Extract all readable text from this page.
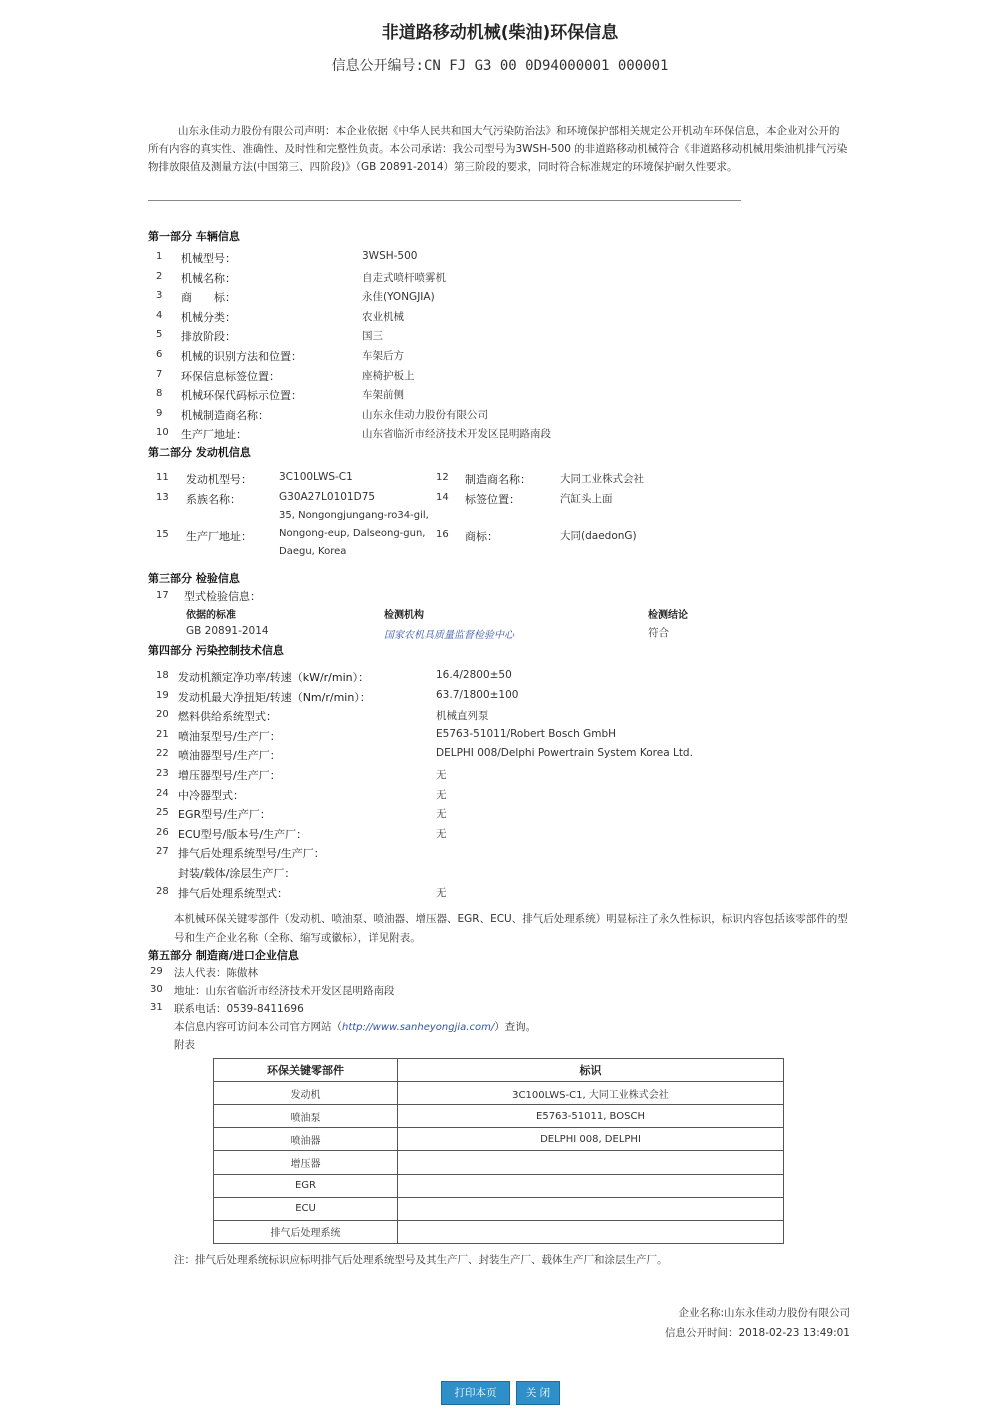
非道路移动机械(柴油)环保信息
信息公开编号:CN FJ G3 00 0D94000001 000001
山东永佳动力股份有限公司声明：本企业依据《中华人民共和国大气污染防治法》和环境保护部相关规定公开机动车环保信息，本企业对公开的所有内容的真实性、准确性、及时性和完整性负责。本公司承诺：我公司型号为3WSH-500 的非道路移动机械符合《非道路移动机械用柴油机排气污染物排放限值及测量方法(中国第三、四阶段)》（GB 20891-2014）第三阶段的要求，同时符合标准规定的环境保护耐久性要求。
第一部分 车辆信息
1 机械型号：	3WSH-500
2 机械名称：	自走式喷杆喷雾机
3 商　　标：	永佳(YONGJIA)
4 机械分类：	农业机械
5 排放阶段：	国三
6 机械的识别方法和位置：	车架后方
7 环保信息标签位置：	座椅护板上
8 机械环保代码标示位置：	车架前侧
9 机械制造商名称：	山东永佳动力股份有限公司
10 生产厂地址：	山东省临沂市经济技术开发区昆明路南段
第二部分 发动机信息
11 发动机型号：	3C100LWS-C1
13 系族名称：	G30A27L0101D75
15 生产厂地址：
35, Nongongjungang-ro34-gil,
Nongong-eup, Dalseong-gun,
Daegu, Korea
12 制造商名称：	大同工业株式会社
14 标签位置：	汽缸头上面
16 商标：	大同(daedonG)
第三部分 检验信息
17 型式检验信息：
依据的标准	检测机构	检测结论
GB 20891-2014	国家农机具质量监督检验中心	符合
第四部分 污染控制技术信息
18 发动机额定净功率/转速（kW/r/min）：	16.4/2800±50
19 发动机最大净扭矩/转速（Nm/r/min）：	63.7/1800±100
20 燃料供给系统型式：	机械直列泵
21 喷油泵型号/生产厂：	E5763-51011/Robert Bosch GmbH
22 喷油器型号/生产厂：	DELPHI 008/Delphi Powertrain System Korea Ltd.
23 增压器型号/生产厂：	无
24 中冷器型式：	无
25 EGR型号/生产厂：	无
26 ECU型号/版本号/生产厂：	无
27 排气后处理系统型号/生产厂：
封装/载体/涂层生产厂：
28 排气后处理系统型式：	无
本机械环保关键零部件（发动机、喷油泵、喷油器、增压器、EGR、ECU、排气后处理系统）明显标注了永久性标识，标识内容包括该零部件的型号和生产企业名称（全称、缩写或徽标），详见附表。
第五部分 制造商/进口企业信息
29 法人代表：陈傲林
30 地址：山东省临沂市经济技术开发区昆明路南段
31 联系电话：0539-8411696
本信息内容可访问本公司官方网站（http://www.sanheyongjia.com/）查询。
附表
环保关键零部件	标识
发动机	3C100LWS-C1, 大同工业株式会社
喷油泵	E5763-51011, BOSCH
喷油器	DELPHI 008, DELPHI
增压器	
EGR	
ECU	
排气后处理系统	
注：排气后处理系统标识应标明排气后处理系统型号及其生产厂、封装生产厂、载体生产厂和涂层生产厂。
企业名称:山东永佳动力股份有限公司
信息公开时间：2018-02-23 13:49:01
打印本页	关 闭
